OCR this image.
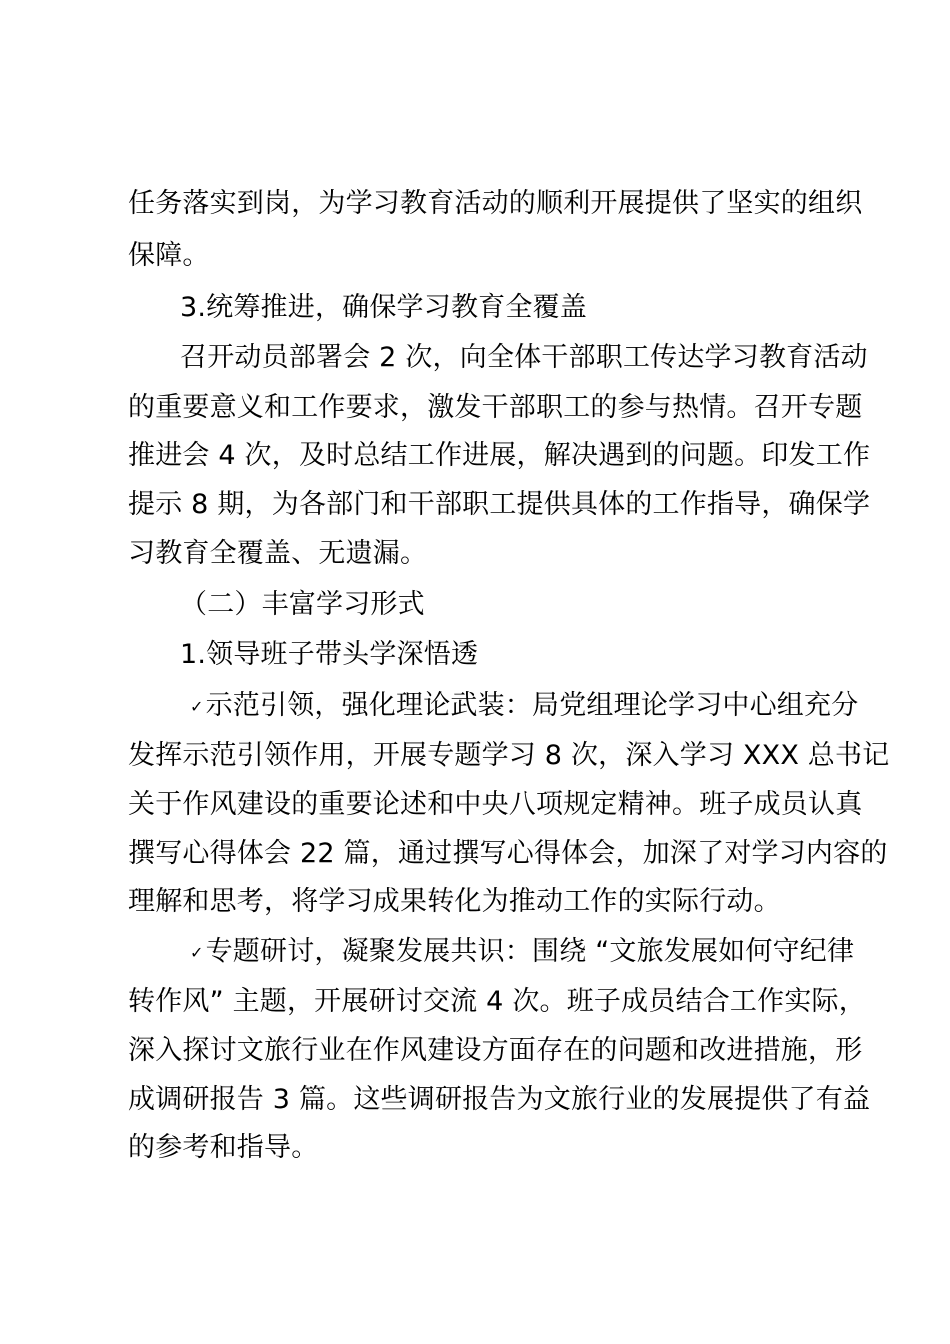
任务落实到岗，为学习教育活动的顺利开展提供了坚实的组织
保障。
3.统筹推进，确保学习教育全覆盖
召开动员部署会 2 次，向全体干部职工传达学习教育活动
的重要意义和工作要求，激发干部职工的参与热情。召开专题
推进会 4 次，及时总结工作进展，解决遇到的问题。印发工作
提示 8 期，为各部门和干部职工提供具体的工作指导，确保学
习教育全覆盖、无遗漏。
（二）丰富学习形式
1.领导班子带头学深悟透
✓示范引领，强化理论武装：局党组理论学习中心组充分
发挥示范引领作用，开展专题学习 8 次，深入学习 XXX 总书记
关于作风建设的重要论述和中央八项规定精神。班子成员认真
撰写心得体会 22 篇，通过撰写心得体会，加深了对学习内容的
理解和思考，将学习成果转化为推动工作的实际行动。
✓专题研讨，凝聚发展共识：围绕 “文旅发展如何守纪律
转作风” 主题，开展研讨交流 4 次。班子成员结合工作实际，
深入探讨文旅行业在作风建设方面存在的问题和改进措施，形
成调研报告 3 篇。这些调研报告为文旅行业的发展提供了有益
的参考和指导。
